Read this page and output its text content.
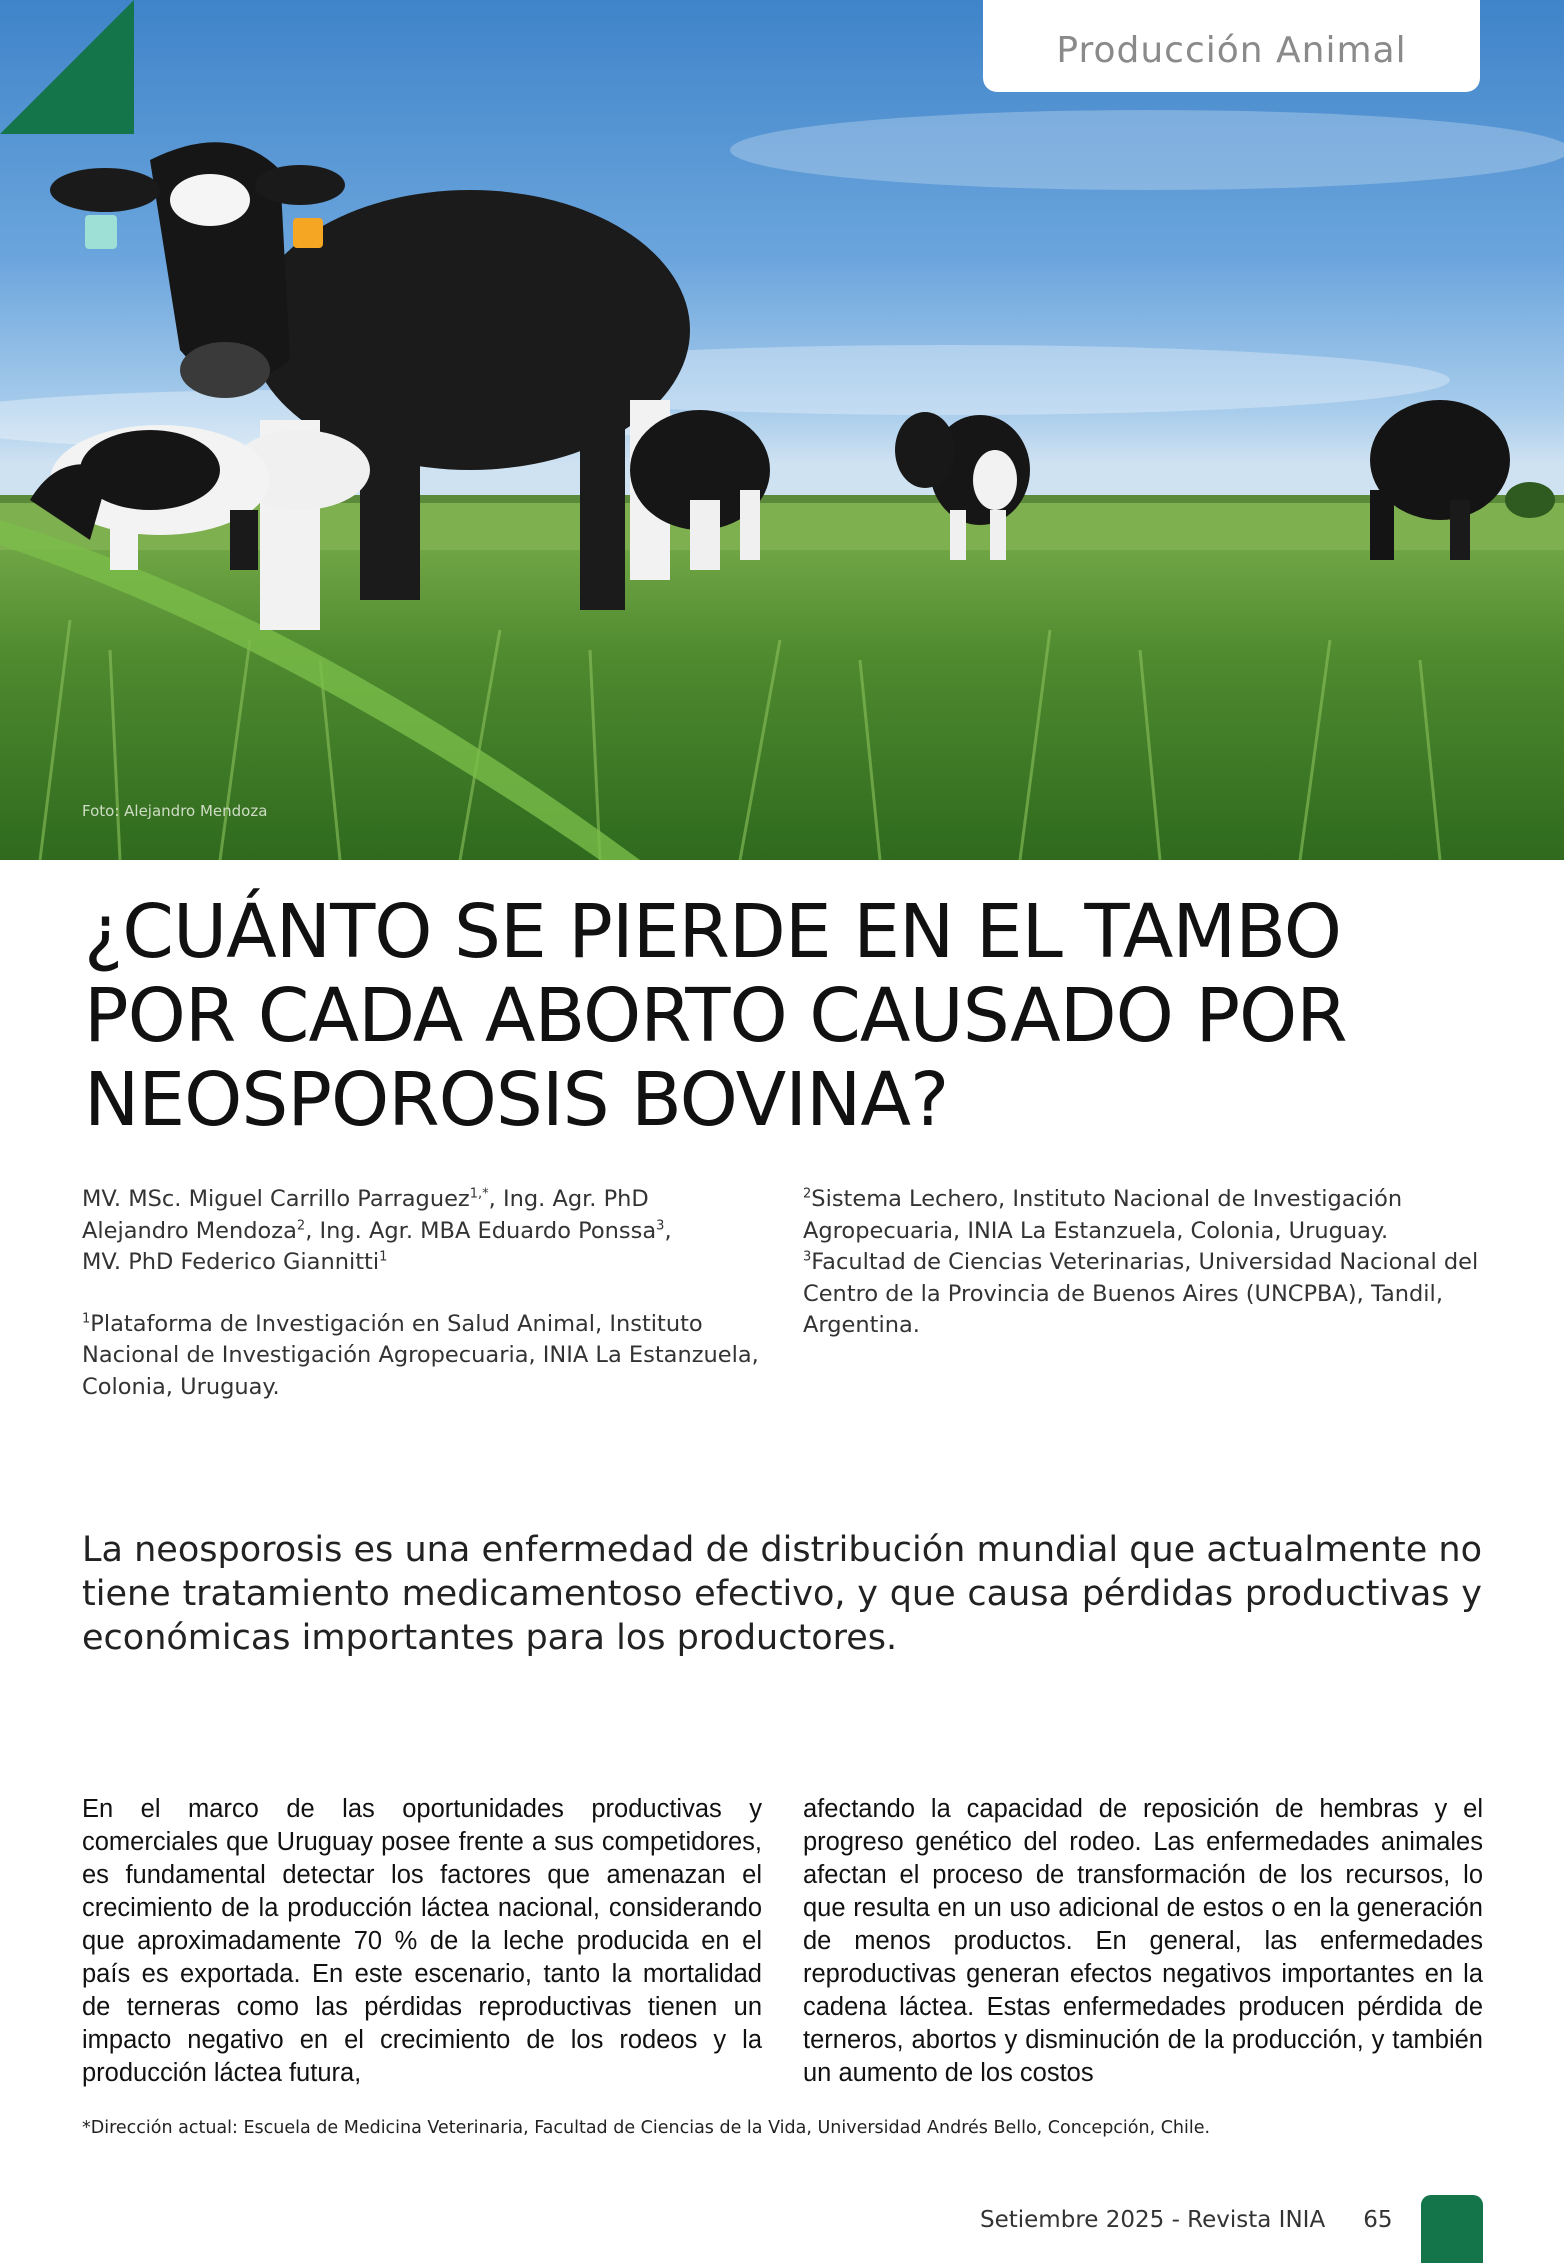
Producción Animal
Foto: Alejandro Mendoza
¿CUÁNTO SE PIERDE EN EL TAMBO
POR CADA ABORTO CAUSADO POR
NEOSPOROSIS BOVINA?

MV. MSc. Miguel Carrillo Parraguez$^{1,*}$, Ing. Agr. PhD
Alejandro Mendoza$^2$, Ing. Agr. MBA Eduardo Ponssa$^3$,
MV. PhD Federico Giannitti$^1$

$^1$Plataforma de Investigación en Salud Animal, Instituto Nacional de Investigación Agropecuaria, INIA La Estanzuela, Colonia, Uruguay.

$^2$Sistema Lechero, Instituto Nacional de Investigación Agropecuaria, INIA La Estanzuela, Colonia, Uruguay.

$^3$Facultad de Ciencias Veterinarias, Universidad Nacional del Centro de la Provincia de Buenos Aires (UNCPBA), Tandil, Argentina.

La neosporosis es una enfermedad de distribución mundial que actualmente no tiene tratamiento medicamentoso efectivo, y que causa pérdidas productivas y económicas importantes para los productores.

En el marco de las oportunidades productivas y comerciales que Uruguay posee frente a sus competidores, es fundamental detectar los factores que amenazan el crecimiento de la producción láctea nacional, considerando que aproximadamente 70 % de la leche producida en el país es exportada. En este escenario, tanto la mortalidad de terneras como las pérdidas reproductivas tienen un impacto negativo en el crecimiento de los rodeos y la producción láctea futura,

afectando la capacidad de reposición de hembras y el progreso genético del rodeo. Las enfermedades animales afectan el proceso de transformación de los recursos, lo que resulta en un uso adicional de estos o en la generación de menos productos. En general, las enfermedades reproductivas generan efectos negativos importantes en la cadena láctea. Estas enfermedades producen pérdida de terneros, abortos y disminución de la producción, y también un aumento de los costos

*Dirección actual: Escuela de Medicina Veterinaria, Facultad de Ciencias de la Vida, Universidad Andrés Bello, Concepción, Chile.

Setiembre 2025 - Revista INIA 65
